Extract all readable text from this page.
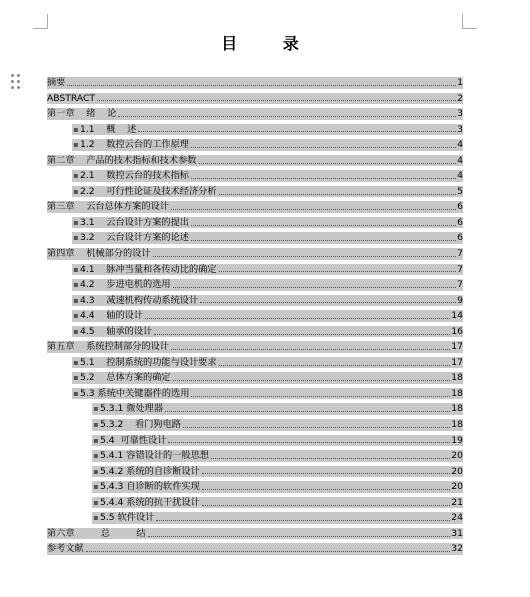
目 录
摘要	1
ABSTRACT	2
第一章    绪    论	3
▪ 1.1    概    述	3
▪ 1.2    数控云台的工作原理	4
第二章    产品的技术指标和技术参数	4
▪ 2.1    数控云台的技术指标	4
▪ 2.2    可行性论证及技术经济分析	5
第三章    云台总体方案的设计	6
▪ 3.1    云台设计方案的提出	6
▪ 3.2    云台设计方案的论述	6
第四章    机械部分的设计	7
▪ 4.1    脉冲当量和各传动比的确定	7
▪ 4.2    步进电机的选用	7
▪ 4.3    减速机构传动系统设计	9
▪ 4.4    轴的设计	14
▪ 4.5    轴承的设计	16
第五章    系统控制部分的设计	17
▪ 5.1    控制系统的功能与设计要求	17
▪ 5.2    总体方案的确定	18
▪ 5.3 系统中关键器件的选用	18
▪ 5.3.1 微处理器	18
▪ 5.3.2    看门狗电路	18
▪ 5.4  可靠性设计	19
▪ 5.4.1 容错设计的一般思想	20
▪ 5.4.2 系统的自诊断设计	20
▪ 5.4.3 自诊断的软件实现	20
▪ 5.4.4 系统的抗干扰设计	21
▪ 5.5 软件设计	24
第六章         总         结	31
参考文献	32
